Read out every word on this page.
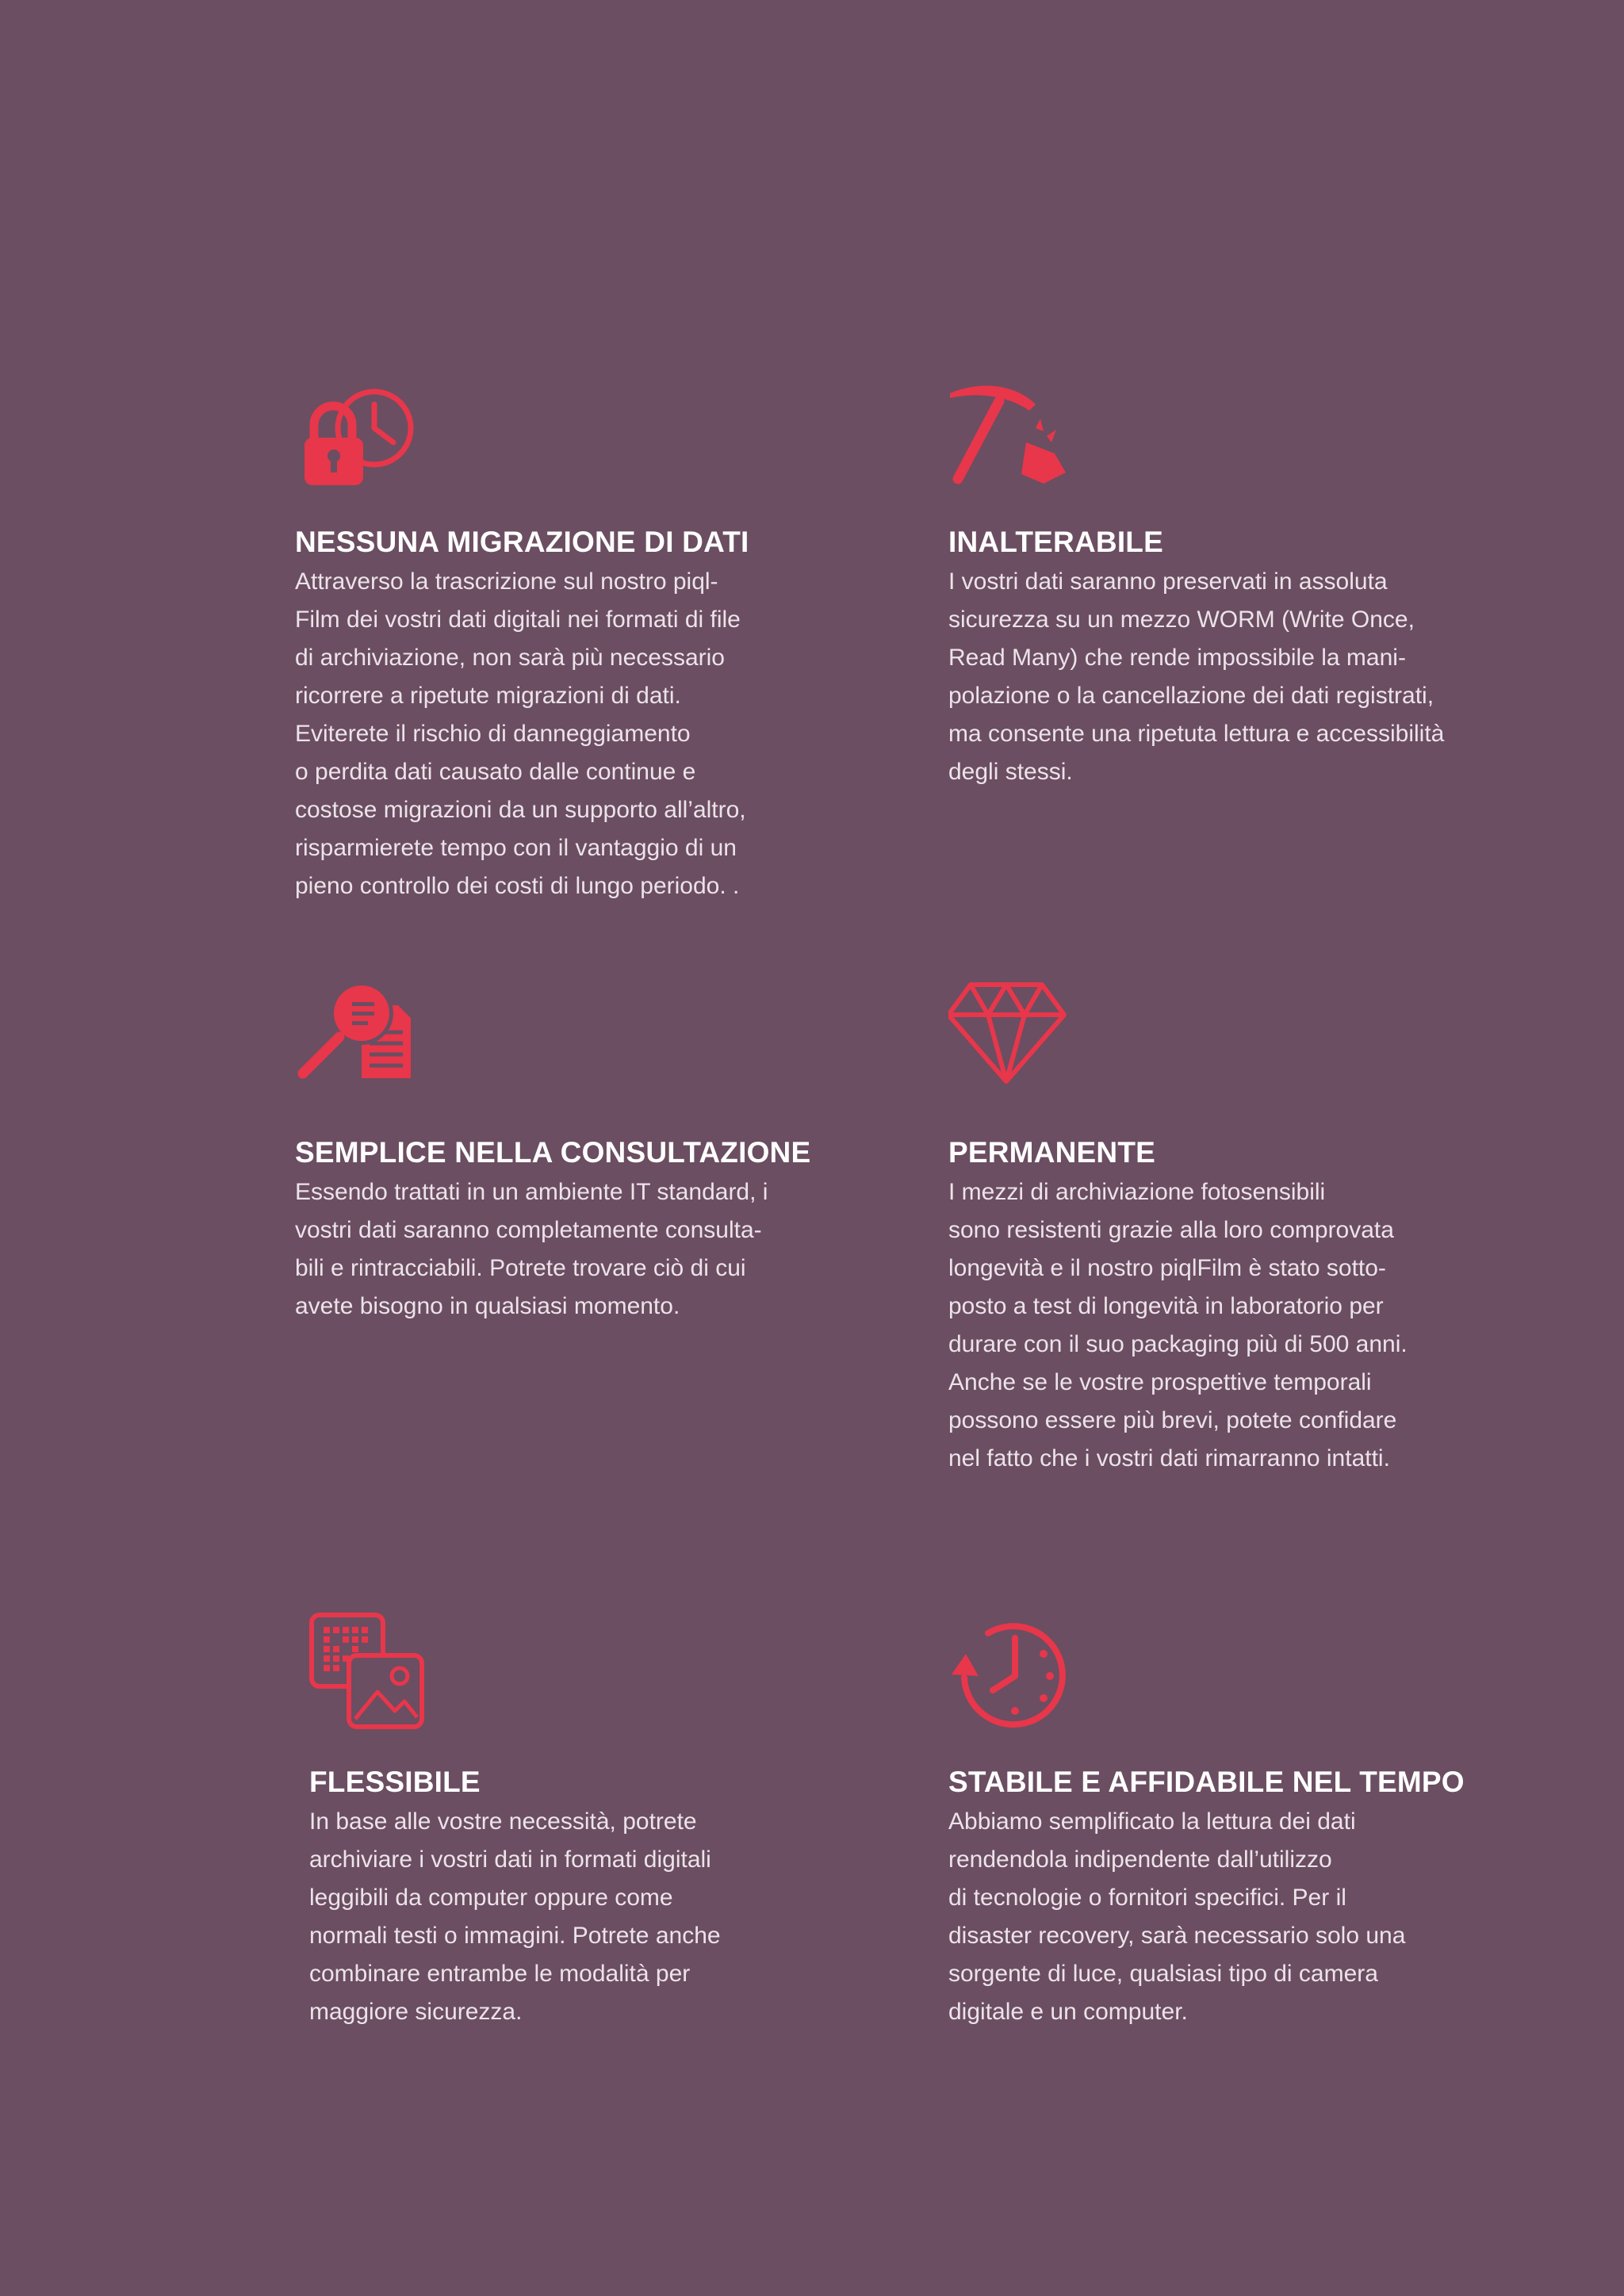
NESSUNA MIGRAZIONE DI DATI

Attraverso la trascrizione sul nostro piql-
Film dei vostri dati digitali nei formati di file
di archiviazione, non sarà più necessario
ricorrere a ripetute migrazioni di dati.
Eviterete il rischio di danneggiamento
o perdita dati causato dalle continue e
costose migrazioni da un supporto all’altro,
risparmierete tempo con il vantaggio di un
pieno controllo dei costi di lungo periodo. .

INALTERABILE

I vostri dati saranno preservati in assoluta
sicurezza su un mezzo WORM (Write Once,
Read Many) che rende impossibile la mani-
polazione o la cancellazione dei dati registrati,
ma consente una ripetuta lettura e accessibilità
degli stessi.

SEMPLICE NELLA CONSULTAZIONE

Essendo trattati in un ambiente IT standard, i
vostri dati saranno completamente consulta-
bili e rintracciabili. Potrete trovare ciò di cui
avete bisogno in qualsiasi momento.

PERMANENTE

I mezzi di archiviazione fotosensibili
sono resistenti grazie alla loro comprovata
longevità e il nostro piqlFilm è stato sotto-
posto a test di longevità in laboratorio per
durare con il suo packaging più di 500 anni.
Anche se le vostre prospettive temporali
possono essere più brevi, potete confidare
nel fatto che i vostri dati rimarranno intatti.

FLESSIBILE

In base alle vostre necessità, potrete
archiviare i vostri dati in formati digitali
leggibili da computer oppure come
normali testi o immagini. Potrete anche
combinare entrambe le modalità per
maggiore sicurezza.

STABILE E AFFIDABILE NEL TEMPO

Abbiamo semplificato la lettura dei dati
rendendola indipendente dall’utilizzo
di tecnologie o fornitori specifici. Per il
disaster recovery, sarà necessario solo una
sorgente di luce, qualsiasi tipo di camera
digitale e un computer.
